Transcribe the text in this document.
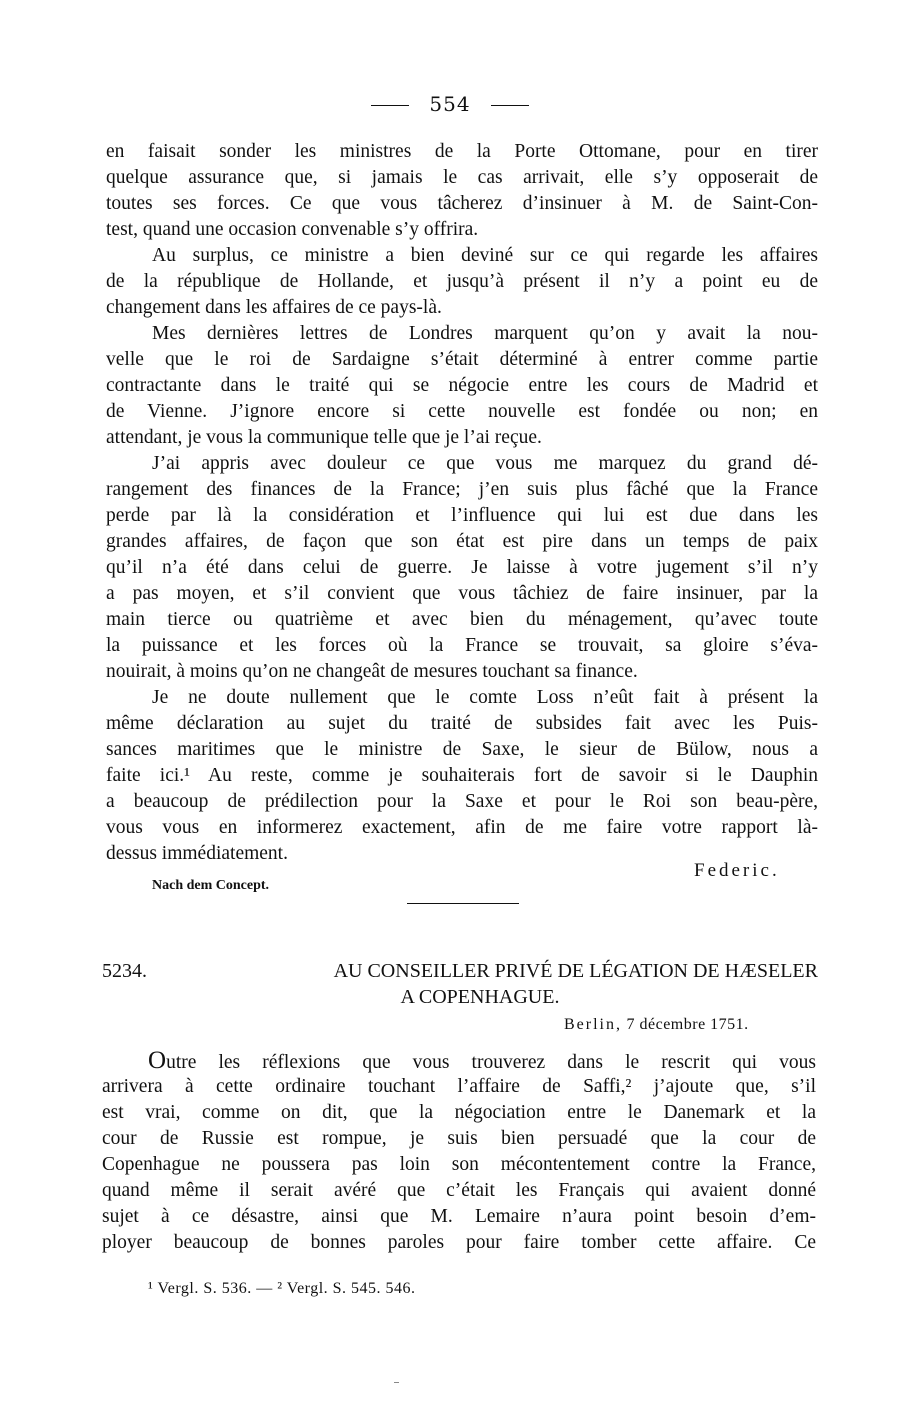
554
en faisait sonder les ministres de la Porte Ottomane, pour en tirer
quelque assurance que, si jamais le cas arrivait, elle s’y opposerait de
toutes ses forces. Ce que vous tâcherez d’insinuer à M. de Saint-Con-
test, quand une occasion convenable s’y offrira.
Au surplus, ce ministre a bien deviné sur ce qui regarde les affaires
de la république de Hollande, et jusqu’à présent il n’y a point eu de
changement dans les affaires de ce pays-là.
Mes dernières lettres de Londres marquent qu’on y avait la nou-
velle que le roi de Sardaigne s’était déterminé à entrer comme partie
contractante dans le traité qui se négocie entre les cours de Madrid et
de Vienne. J’ignore encore si cette nouvelle est fondée ou non; en
attendant, je vous la communique telle que je l’ai reçue.
J’ai appris avec douleur ce que vous me marquez du grand dé-
rangement des finances de la France; j’en suis plus fâché que la France
perde par là la considération et l’influence qui lui est due dans les
grandes affaires, de façon que son état est pire dans un temps de paix
qu’il n’a été dans celui de guerre. Je laisse à votre jugement s’il n’y
a pas moyen, et s’il convient que vous tâchiez de faire insinuer, par la
main tierce ou quatrième et avec bien du ménagement, qu’avec toute
la puissance et les forces où la France se trouvait, sa gloire s’éva-
nouirait, à moins qu’on ne changeât de mesures touchant sa finance.
Je ne doute nullement que le comte Loss n’eût fait à présent la
même déclaration au sujet du traité de subsides fait avec les Puis-
sances maritimes que le ministre de Saxe, le sieur de Bülow, nous a
faite ici.¹ Au reste, comme je souhaiterais fort de savoir si le Dauphin
a beaucoup de prédilection pour la Saxe et pour le Roi son beau-père,
vous vous en informerez exactement, afin de me faire votre rapport là-
dessus immédiatement.
Federic.
Nach dem Concept.
5234.	AU CONSEILLER PRIVÉ DE LÉGATION DE HÆSELER
A COPENHAGUE.
Berlin, 7 décembre 1751.
Outre les réflexions que vous trouverez dans le rescrit qui vous
arrivera à cette ordinaire touchant l’affaire de Saffi,² j’ajoute que, s’il
est vrai, comme on dit, que la négociation entre le Danemark et la
cour de Russie est rompue, je suis bien persuadé que la cour de
Copenhague ne poussera pas loin son mécontentement contre la France,
quand même il serait avéré que c’était les Français qui avaient donné
sujet à ce désastre, ainsi que M. Lemaire n’aura point besoin d’em-
ployer beaucoup de bonnes paroles pour faire tomber cette affaire. Ce
¹ Vergl. S. 536. — ² Vergl. S. 545. 546.
